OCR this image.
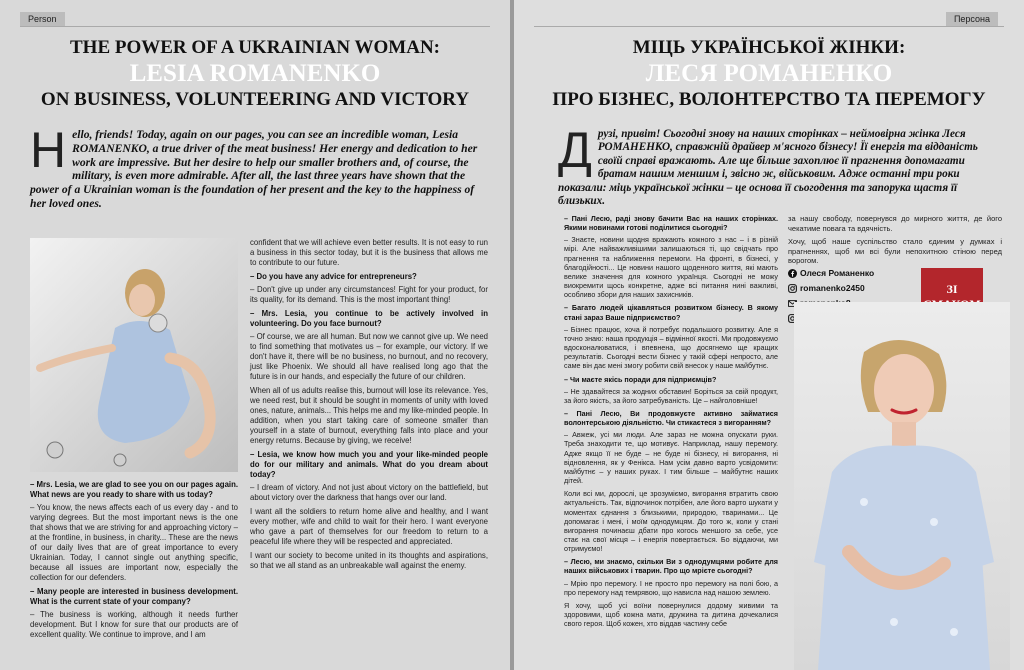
Person
THE POWER OF A UKRAINIAN WOMAN:
LESIA ROMANENKO
ON BUSINESS, VOLUNTEERING AND VICTORY
H ello, friends! Today, again on our pages, you can see an incredible woman, Lesia ROMANENKO, a true driver of the meat business! Her energy and dedication to her work are impressive. But her desire to help our smaller brothers and, of course, the military, is even more admirable. After all, the last three years have shown that the power of a Ukrainian woman is the foundation of her present and the key to the happiness of her loved ones.

– Mrs. Lesia, we are glad to see you on our pages again. What news are you ready to share with us today?

– You know, the news affects each of us every day - and to varying degrees. But the most important news is the one that shows that we are striving for and approaching victory – at the frontline, in business, in charity... These are the news of our daily lives that are of great importance to every Ukrainian. Today, I cannot single out anything specific, because all issues are important now, especially the collection for our defenders.

– Many people are interested in business development. What is the current state of your company?

– The business is working, although it needs further development. But I know for sure that our products are of excellent quality. We continue to improve, and I am

confident that we will achieve even better results. It is not easy to run a business in this sector today, but it is the business that allows me to contribute to our future.

– Do you have any advice for entrepreneurs?

– Don't give up under any circumstances! Fight for your product, for its quality, for its demand. This is the most important thing!

– Mrs. Lesia, you continue to be actively involved in volunteering. Do you face burnout?

– Of course, we are all human. But now we cannot give up. We need to find something that motivates us – for example, our victory. If we don't have it, there will be no business, no burnout, and no recovery, just like Phoenix. We should all have realised long ago that the future is in our hands, and especially the future of our children.

When all of us adults realise this, burnout will lose its relevance. Yes, we need rest, but it should be sought in moments of unity with loved ones, nature, animals... This helps me and my like-minded people. In addition, when you start taking care of someone smaller than yourself in a state of burnout, everything falls into place and your energy returns. Because by giving, we receive!

– Lesia, we know how much you and your like-minded people do for our military and animals. What do you dream about today?

– I dream of victory. And not just about victory on the battlefield, but about victory over the darkness that hangs over our land.

I want all the soldiers to return home alive and healthy, and I want every mother, wife and child to wait for their hero. I want everyone who gave a part of themselves for our freedom to return to a peaceful life where they will be respected and appreciated.

I want our society to become united in its thoughts and aspirations, so that we all stand as an unbreakable wall against the enemy.

Персона
МІЦЬ УКРАЇНСЬКОЇ ЖІНКИ:
ЛЕСЯ РОМАНЕНКО
ПРО БІЗНЕС, ВОЛОНТЕРСТВО ТА ПЕРЕМОГУ
Д рузі, привіт! Сьогодні знову на наших сторінках – неймовірна жінка Леся РОМАНЕНКО, справжній драйвер м'ясного бізнесу! Її енергія та відданість своїй справі вражають. Але ще більше захоплює її прагнення допомагати братам нашим меншим і, звісно ж, військовим. Адже останні три роки показали: міць української жінки – це основа її сьогодення та запорука щастя її близьких.

– Пані Лесю, раді знову бачити Вас на наших сторінках. Якими новинами готові поділитися сьогодні?

– Знаєте, новини щодня вражають кожного з нас – і в різній мірі. Але найважливішими залишаються ті, що свідчать про прагнення та наближення перемоги. На фронті, в бізнесі, у благодійності... Це новини нашого щоденного життя, які мають велике значення для кожного українця. Сьогодні не можу виокремити щось конкретне, адже всі питання нині важливі, особливо збори для наших захисників.

– Багато людей цікавляться розвитком бізнесу. В якому стані зараз Ваше підприємство?

– Бізнес працює, хоча й потребує подальшого розвитку. Але я точно знаю: наша продукція – відмінної якості. Ми продовжуємо вдосконалюватися, і впевнена, що досягнемо ще кращих результатів. Сьогодні вести бізнес у такій сфері непросто, але саме він дає мені змогу робити свій внесок у наше майбутнє.

– Чи маєте якісь поради для підприємців?

– Не здавайтеся за жодних обставин! Боріться за свій продукт, за його якість, за його затребуваність. Це – найголовніше!

– Пані Лесю, Ви продовжуєте активно займатися волонтерською діяльністю. Чи стикаєтеся з вигоранням?

– Авжеж, усі ми люди. Але зараз не можна опускати руки. Треба знаходити те, що мотивує. Наприклад, нашу перемогу. Адже якщо її не буде – не буде ні бізнесу, ні вигорання, ні відновлення, як у Фенікса. Нам усім давно варто усвідомити: майбутнє – у наших руках. І тим більше – майбутнє наших дітей.

Коли всі ми, дорослі, це зрозуміємо, вигорання втратить свою актуальність. Так, відпочинок потрібен, але його варто шукати у моментах єднання з близькими, природою, тваринами... Це допомагає і мені, і моїм однодумцям. До того ж, коли у стані вигорання починаєш дбати про когось меншого за себе, усе стає на свої місця – і енергія повертається. Бо віддаючи, ми отримуємо!

– Лесю, ми знаємо, скільки Ви з однодумцями робите для наших військових і тварин. Про що мрієте сьогодні?

– Мрію про перемогу. І не просто про перемогу на полі бою, а про перемогу над темрявою, що нависла над нашою землею.

Я хочу, щоб усі воїни повернулися додому живими та здоровими, щоб кожна мати, дружина та дитина дочекалися свого героя. Щоб кожен, хто віддав частину себе

за нашу свободу, повернувся до мирного життя, де його чекатиме повага та вдячність.

Хочу, щоб наше суспільство стало єдиним у думках і прагненнях, щоб ми всі були непохитною стіною перед ворогом.

Олеся Романенко
romanenko2450	ЗІ
